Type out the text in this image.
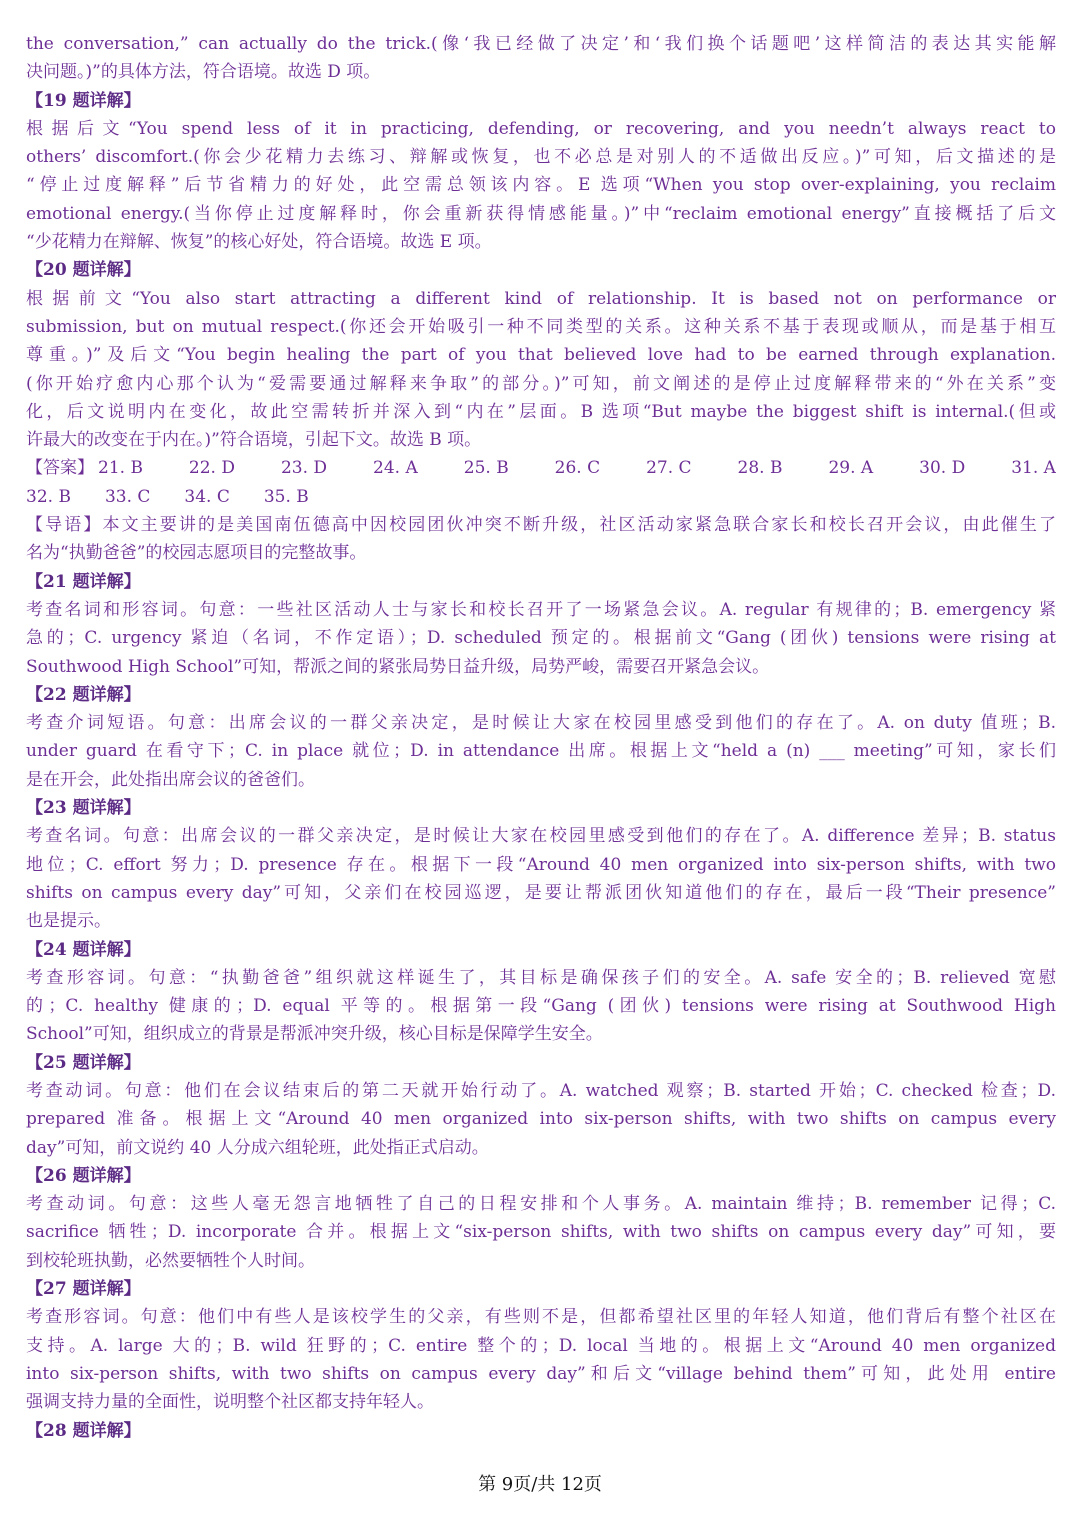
the conversation,” can actually do the trick.(像‘我已经做了决定’和‘我们换个话题吧’这样简洁的表达其实能解
决问题。)”的具体方法，符合语境。故选 D 项。
【19 题详解】
根据后文“You spend less of it in practicing, defending, or recovering, and you needn’t always react to
others’ discomfort.(你会少花精力去练习、辩解或恢复，也不必总是对别人的不适做出反应。)”可知，后文描述的是
“停止过度解释”后节省精力的好处，此空需总领该内容。E 选项“When you stop over-explaining, you reclaim
emotional energy.(当你停止过度解释时，你会重新获得情感能量。)”中“reclaim emotional energy”直接概括了后文
“少花精力在辩解、恢复”的核心好处，符合语境。故选 E 项。
【20 题详解】
根据前文“You also start attracting a different kind of relationship. It is based not on performance or
submission, but on mutual respect.(你还会开始吸引一种不同类型的关系。这种关系不基于表现或顺从，而是基于相互
尊重。)”及后文“You begin healing the part of you that believed love had to be earned through explanation.
(你开始疗愈内心那个认为“爱需要通过解释来争取”的部分。)”可知，前文阐述的是停止过度解释带来的“外在关系”变
化，后文说明内在变化，故此空需转折并深入到“内在”层面。B 选项“But maybe the biggest shift is internal.(但或
许最大的改变在于内在。)”符合语境，引起下文。故选 B 项。
【答案】 21. B	22. D	23. D	24. A	25. B	26. C	27. C	28. B	29. A	30. D	31. A
32. B 33. C 34. C 35. B
【导语】本文主要讲的是美国南伍德高中因校园团伙冲突不断升级，社区活动家紧急联合家长和校长召开会议，由此催生了
名为“执勤爸爸”的校园志愿项目的完整故事。
【21 题详解】
考查名词和形容词。句意：一些社区活动人士与家长和校长召开了一场紧急会议。A. regular 有规律的；B. emergency 紧
急的；C. urgency 紧迫（名词，不作定语）；D. scheduled 预定的。根据前文“Gang (团伙) tensions were rising at
Southwood High School”可知，帮派之间的紧张局势日益升级，局势严峻，需要召开紧急会议。
【22 题详解】
考查介词短语。句意：出席会议的一群父亲决定，是时候让大家在校园里感受到他们的存在了。A. on duty 值班；B.
under guard 在看守下；C. in place 就位；D. in attendance 出席。根据上文“held a (n) ___ meeting”可知，家长们
是在开会，此处指出席会议的爸爸们。
【23 题详解】
考查名词。句意：出席会议的一群父亲决定，是时候让大家在校园里感受到他们的存在了。A. difference 差异；B. status
地位；C. effort 努力；D. presence 存在。根据下一段“Around 40 men organized into six-person shifts, with two
shifts on campus every day”可知，父亲们在校园巡逻，是要让帮派团伙知道他们的存在，最后一段“Their presence”
也是提示。
【24 题详解】
考查形容词。句意：“执勤爸爸”组织就这样诞生了，其目标是确保孩子们的安全。A. safe 安全的；B. relieved 宽慰
的；C. healthy 健康的；D. equal 平等的。根据第一段“Gang (团伙) tensions were rising at Southwood High
School”可知，组织成立的背景是帮派冲突升级，核心目标是保障学生安全。
【25 题详解】
考查动词。句意：他们在会议结束后的第二天就开始行动了。A. watched 观察；B. started 开始；C. checked 检查；D.
prepared 准备。根据上文“Around 40 men organized into six-person shifts, with two shifts on campus every
day”可知，前文说约 40 人分成六组轮班，此处指正式启动。
【26 题详解】
考查动词。句意：这些人毫无怨言地牺牲了自己的日程安排和个人事务。A. maintain 维持；B. remember 记得；C.
sacrifice 牺牲；D. incorporate 合并。根据上文“six-person shifts, with two shifts on campus every day”可知，要
到校轮班执勤，必然要牺牲个人时间。
【27 题详解】
考查形容词。句意：他们中有些人是该校学生的父亲，有些则不是，但都希望社区里的年轻人知道，他们背后有整个社区在
支持。A. large 大的；B. wild 狂野的；C. entire 整个的；D. local 当地的。根据上文“Around 40 men organized
into six-person shifts, with two shifts on campus every day”和后文“village behind them”可知，此处用 entire
强调支持力量的全面性，说明整个社区都支持年轻人。
【28 题详解】
第 9页/共 12页
